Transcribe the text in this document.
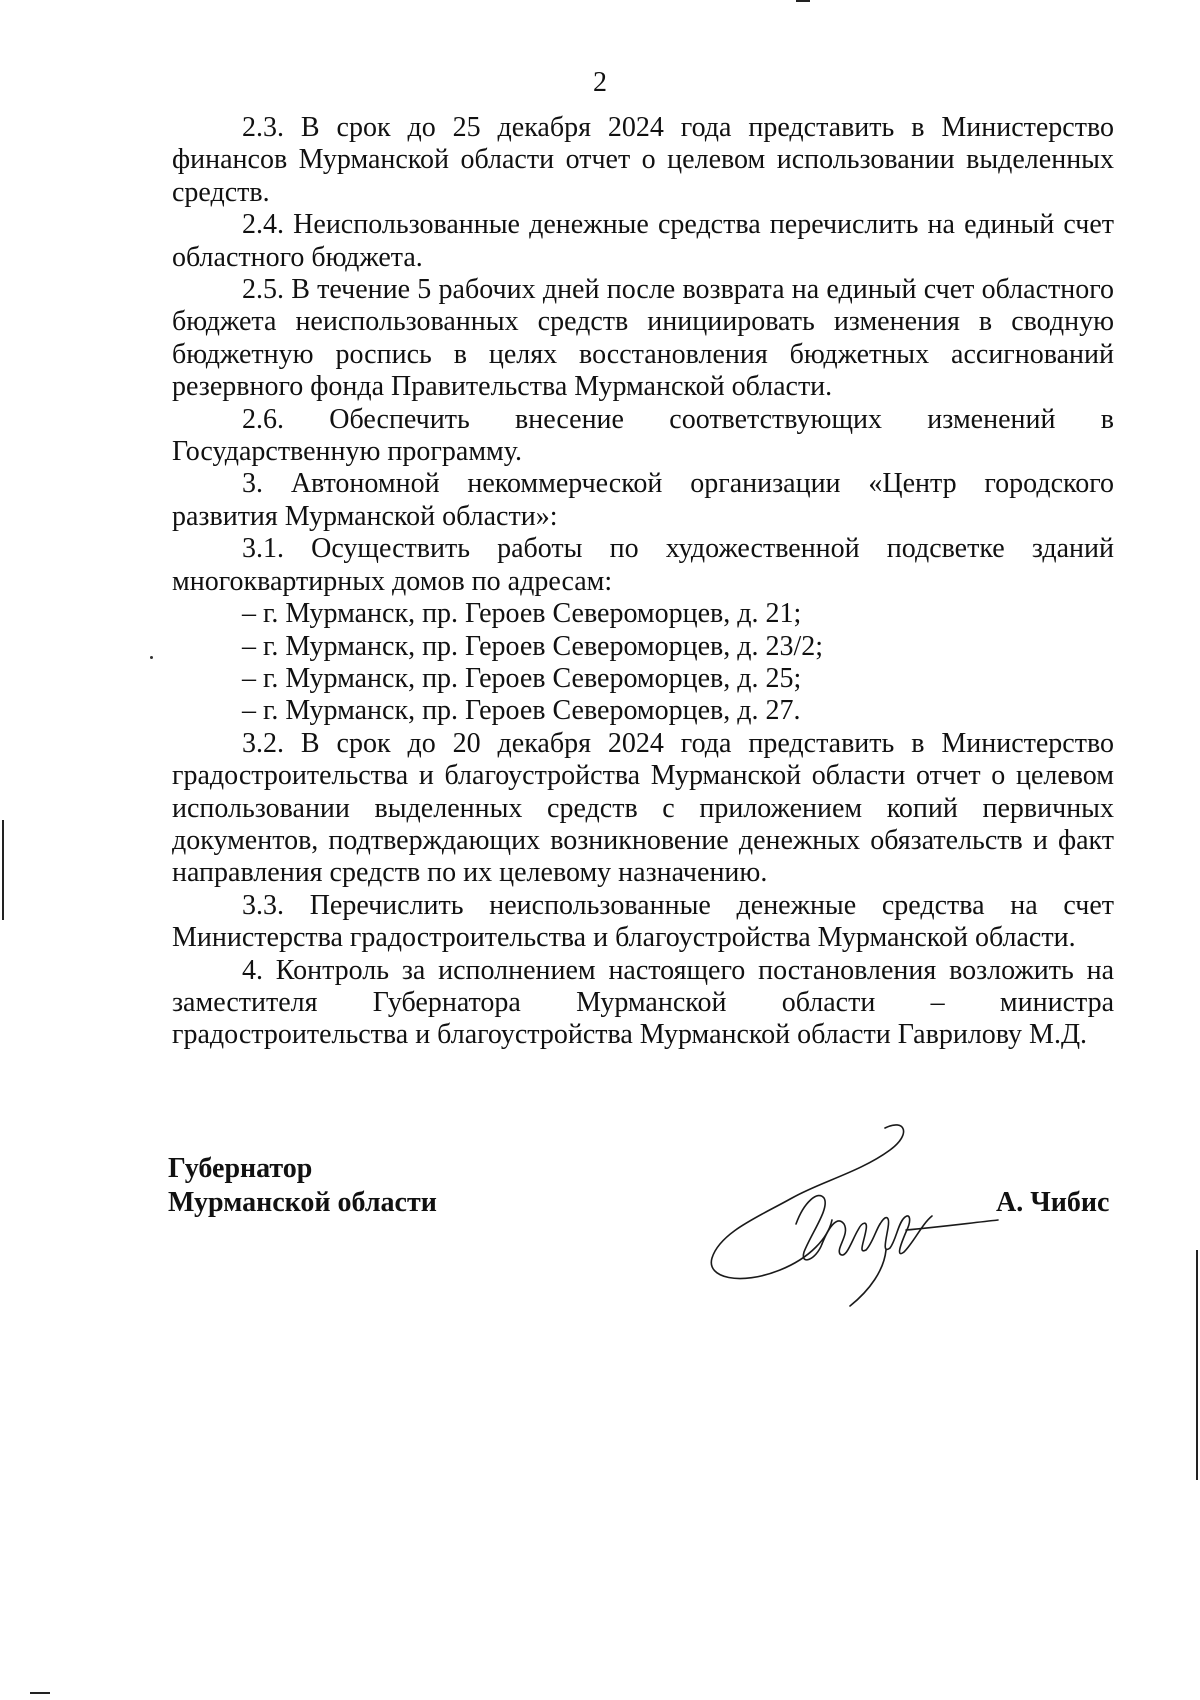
2

2.3. В срок до 25 декабря 2024 года представить в Министерство финансов Мурманской области отчет о целевом использовании выделенных средств.

2.4. Неиспользованные денежные средства перечислить на единый счет областного бюджета.

2.5. В течение 5 рабочих дней после возврата на единый счет областного бюджета неиспользованных средств инициировать изменения в сводную бюджетную роспись в целях восстановления бюджетных ассигнований резервного фонда Правительства Мурманской области.

2.6. Обеспечить внесение соответствующих изменений в Государственную программу.

3. Автономной некоммерческой организации «Центр городского развития Мурманской области»:

3.1. Осуществить работы по художественной подсветке зданий многоквартирных домов по адресам:

– г. Мурманск, пр. Героев Североморцев, д. 21;

– г. Мурманск, пр. Героев Североморцев, д. 23/2;

– г. Мурманск, пр. Героев Североморцев, д. 25;

– г. Мурманск, пр. Героев Североморцев, д. 27.

3.2. В срок до 20 декабря 2024 года представить в Министерство градостроительства и благоустройства Мурманской области отчет о целевом использовании выделенных средств с приложением копий первичных документов, подтверждающих возникновение денежных обязательств и факт направления средств по их целевому назначению.

3.3. Перечислить неиспользованные денежные средства на счет Министерства градостроительства и благоустройства Мурманской области.

4. Контроль за исполнением настоящего постановления возложить на заместителя Губернатора Мурманской области – министра градостроительства и благоустройства Мурманской области Гаврилову М.Д.

Губернатор
Мурманской области	А. Чибис
